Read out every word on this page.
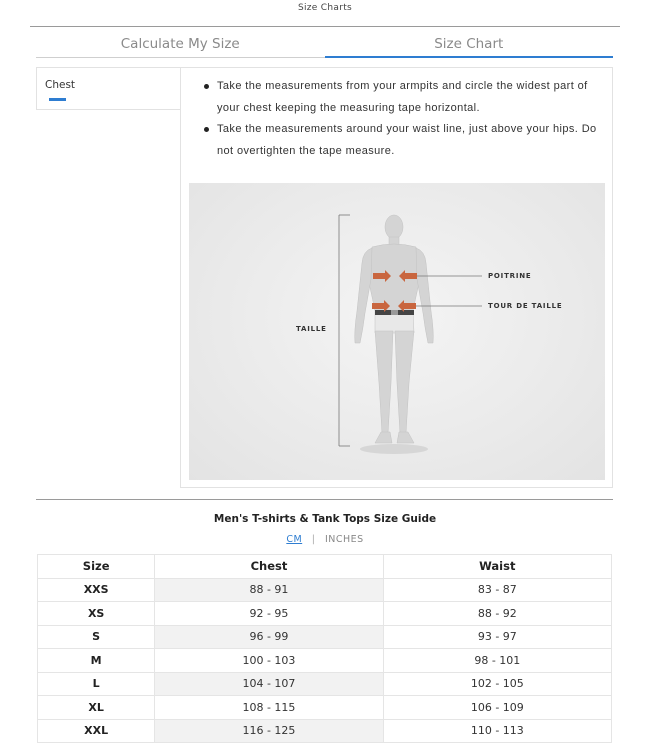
Size Charts
Calculate My Size	Size Chart
Chest	Take the measurements from your armpits and circle the widest part of your chest keeping the measuring tape horizontal.
Take the measurements around your waist line, just above your hips. Do not overtighten the tape measure.
POITRINE
TOUR DE TAILLE
TAILLE
Men's T-shirts & Tank Tops Size Guide
CM | INCHES
Size	Chest	Waist
XXS	88 - 91	83 - 87
XS	92 - 95	88 - 92
S	96 - 99	93 - 97
M	100 - 103	98 - 101
L	104 - 107	102 - 105
XL	108 - 115	106 - 109
XXL	116 - 125	110 - 113
